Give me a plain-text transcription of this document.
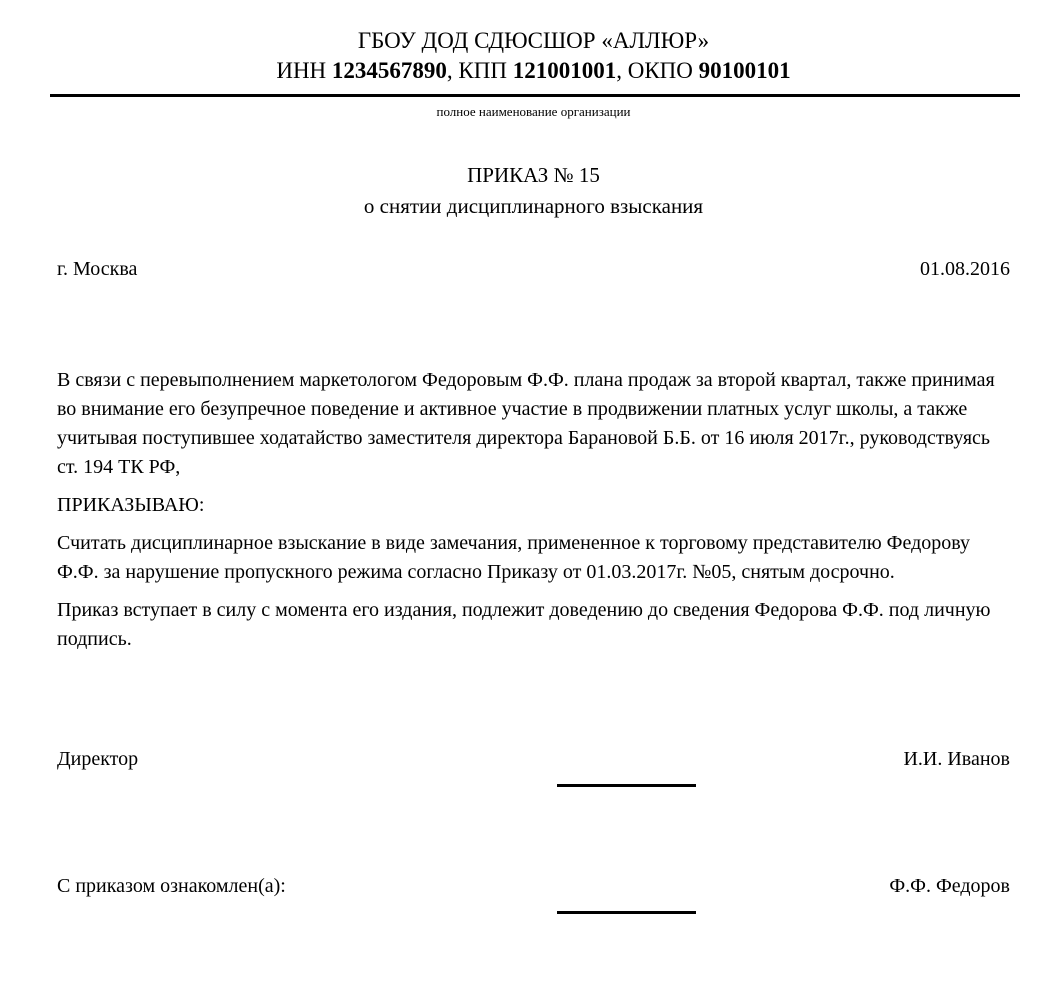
ГБОУ ДОД СДЮСШОР «АЛЛЮР»
ИНН 1234567890, КПП 121001001, ОКПО 90100101
полное наименование организации
ПРИКАЗ № 15
о снятии дисциплинарного взыскания
г. Москва	01.08.2016

В связи с перевыполнением маркетологом Федоровым Ф.Ф. плана продаж за второй квартал, также принимая во внимание его безупречное поведение и активное участие в продвижении платных услуг школы, а также учитывая поступившее ходатайство заместителя директора Барановой Б.Б. от 16 июля 2017г., руководствуясь ст. 194 ТК РФ,

ПРИКАЗЫВАЮ:

Считать дисциплинарное взыскание в виде замечания, примененное к торговому представителю Федорову Ф.Ф. за нарушение пропускного режима согласно Приказу от 01.03.2017г. №05, снятым досрочно.

Приказ вступает в силу с момента его издания, подлежит доведению до сведения Федорова Ф.Ф. под личную подпись.

Директор	И.И. Иванов
С приказом ознакомлен(а):	Ф.Ф. Федоров
